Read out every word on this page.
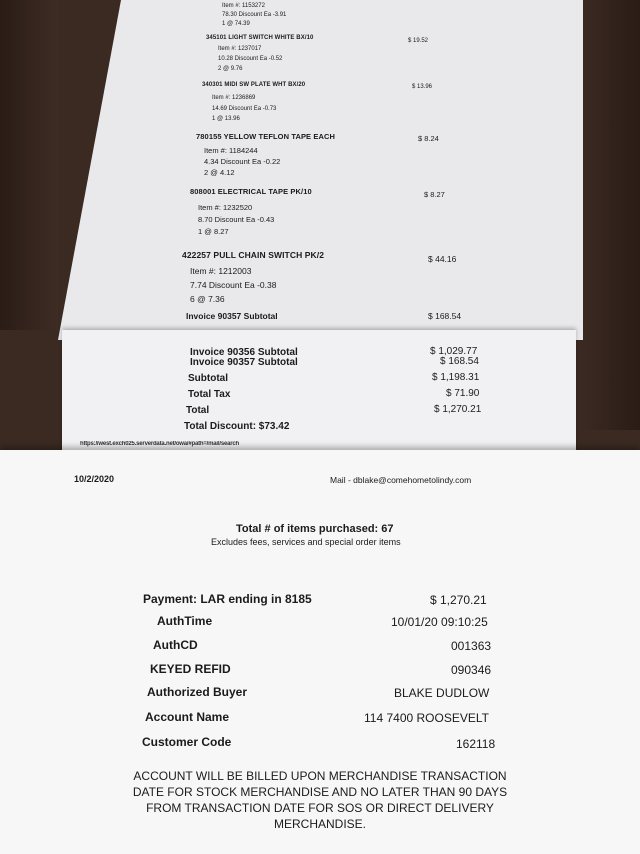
Item #: 1153272
78.30 Discount Ea -3.91
1 @ 74.39
345101 LIGHT SWITCH WHITE BX/10	$ 19.52
Item #: 1237017
10.28 Discount Ea -0.52
2 @ 9.76
340301 MIDI SW PLATE WHT BX/20	$ 13.96
Item #: 1236869
14.69 Discount Ea -0.73
1 @ 13.96
780155 YELLOW TEFLON TAPE EACH	$ 8.24
Item #: 1184244
4.34 Discount Ea -0.22
2 @ 4.12
808001 ELECTRICAL TAPE PK/10	$ 8.27
Item #: 1232520
8.70 Discount Ea -0.43
1 @ 8.27
422257 PULL CHAIN SWITCH PK/2	$ 44.16
Item #: 1212003
7.74 Discount Ea -0.38
6 @ 7.36
Invoice 90357 Subtotal	$ 168.54
Invoice 90356 Subtotal	$ 1,029.77
Invoice 90357 Subtotal	$ 168.54
Subtotal	$ 1,198.31
Total Tax	$ 71.90
Total	$ 1,270.21
Total Discount: $73.42
https://west.exch025.serverdata.net/owa/#path=/mail/search
10/2/2020	Mail - dblake@comehometolindy.com
Total # of items purchased: 67
Excludes fees, services and special order items
Payment: LAR ending in 8185	$ 1,270.21
AuthTime	10/01/20 09:10:25
AuthCD	001363
KEYED REFID	090346
Authorized Buyer	BLAKE DUDLOW
Account Name	114 7400 ROOSEVELT
Customer Code	162118
ACCOUNT WILL BE BILLED UPON MERCHANDISE TRANSACTION DATE FOR STOCK MERCHANDISE AND NO LATER THAN 90 DAYS FROM TRANSACTION DATE FOR SOS OR DIRECT DELIVERY MERCHANDISE.
